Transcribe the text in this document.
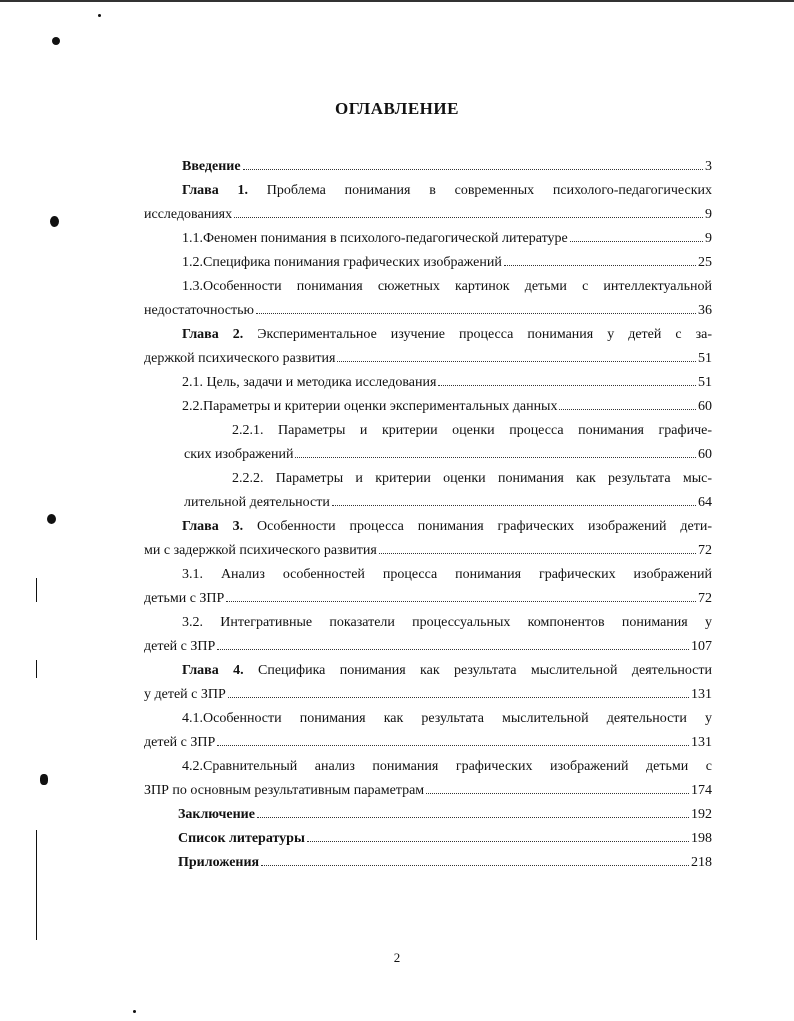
ОГЛАВЛЕНИЕ
Введение	3
Глава 1. Проблема понимания в современных психолого-педагогических
исследованиях	9
1.1.Феномен понимания в психолого-педагогической литературе	9
1.2.Специфика понимания графических изображений	25
1.3.Особенности понимания сюжетных картинок детьми с интеллектуальной
недостаточностью	36
Глава 2. Экспериментальное изучение процесса понимания у детей с за-
держкой психического развития	51
2.1. Цель, задачи и методика исследования	51
2.2.Параметры и критерии оценки экспериментальных данных	60
2.2.1. Параметры и критерии оценки процесса понимания графиче-
ских изображений	60
2.2.2. Параметры и критерии оценки понимания как результата мыс-
лительной деятельности	64
Глава 3. Особенности процесса понимания графических изображений дети-
ми с задержкой психического развития	72
3.1. Анализ особенностей процесса понимания графических изображений
детьми с ЗПР	72
3.2. Интегративные показатели процессуальных компонентов понимания у
детей с ЗПР	107
Глава 4. Специфика понимания как результата мыслительной деятельности
у детей с ЗПР	131
4.1.Особенности понимания как результата мыслительной деятельности у
детей с ЗПР	131
4.2.Сравнительный анализ понимания графических изображений детьми с
ЗПР по основным результативным параметрам	174
Заключение	192
Список литературы	198
Приложения	218
2
